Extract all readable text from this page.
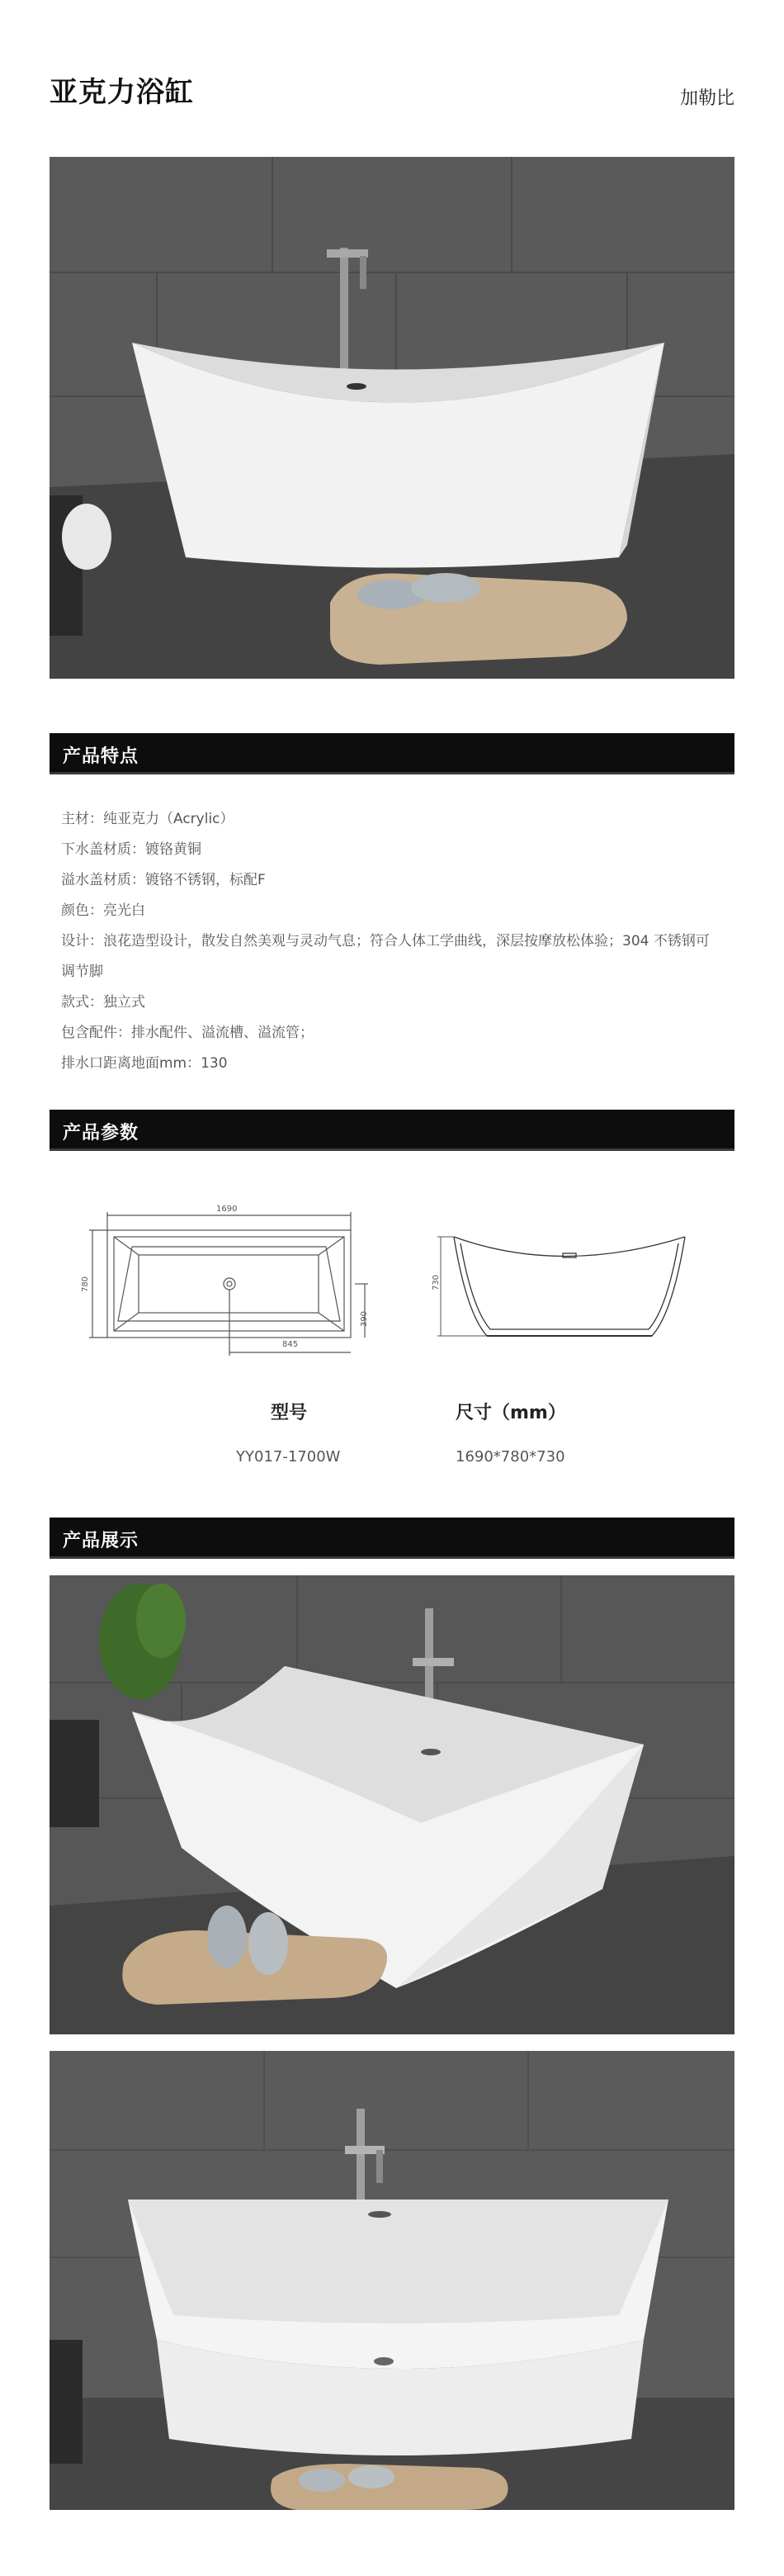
亚克力浴缸	加勒比
产品特点
主材：纯亚克力（Acrylic）
下水盖材质：镀铬黄铜
溢水盖材质：镀铬不锈钢，标配F
颜色：亮光白
设计：浪花造型设计，散发自然美观与灵动气息；符合人体工学曲线，深层按摩放松体验；304 不锈钢可调节脚
款式：独立式
包含配件：排水配件、溢流槽、溢流管；
排水口距离地面mm：130
产品参数
1690
780
390
845
730
型号	尺寸（mm）
YY017-1700W	1690*780*730
产品展示
